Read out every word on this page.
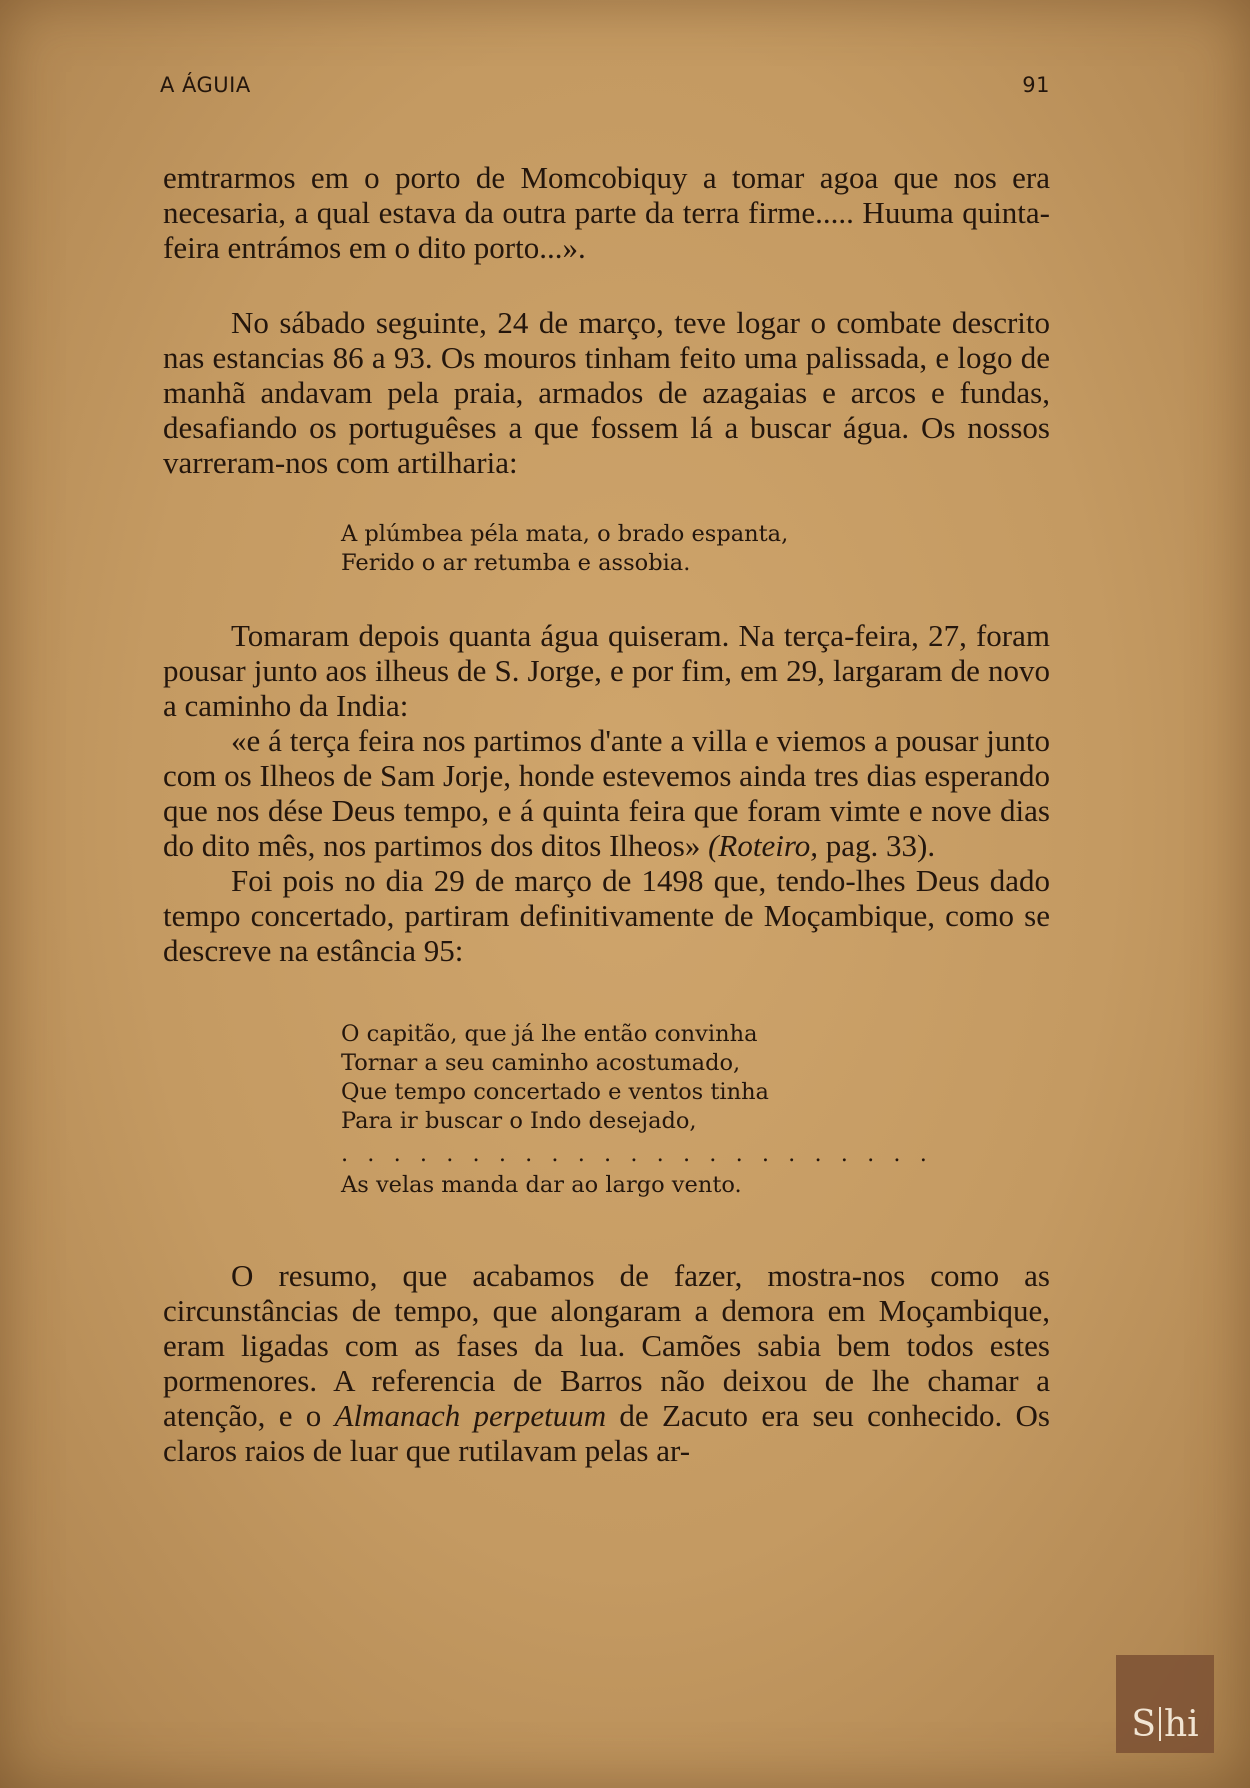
A ÁGUIA	91

emtrarmos em o porto de Momcobiquy a tomar agoa que nos era necesaria, a qual estava da outra parte da terra firme..... Huuma quinta-feira entrámos em o dito porto...».

No sábado seguinte, 24 de março, teve logar o combate descrito nas estancias 86 a 93. Os mouros tinham feito uma palissada, e logo de manhã andavam pela praia, armados de azagaias e arcos e fundas, desafiando os portuguêses a que fossem lá a buscar água. Os nossos varreram-nos com artilharia:

A plúmbea péla mata, o brado espanta,
Ferido o ar retumba e assobia.

Tomaram depois quanta água quiseram. Na terça-feira, 27, foram pousar junto aos ilheus de S. Jorge, e por fim, em 29, largaram de novo a caminho da India:

«e á terça feira nos partimos d'ante a villa e viemos a pousar junto com os Ilheos de Sam Jorje, honde estevemos ainda tres dias esperando que nos dése Deus tempo, e á quinta feira que foram vimte e nove dias do dito mês, nos partimos dos ditos Ilheos» (Roteiro, pag. 33).

Foi pois no dia 29 de março de 1498 que, tendo-lhes Deus dado tempo concertado, partiram definitivamente de Moçambique, como se descreve na estância 95:

O capitão, que já lhe então convinha
Tornar a seu caminho acostumado,
Que tempo concertado e ventos tinha
Para ir buscar o Indo desejado,
. . . . . . . . . . . . . . . . . . . . . . .
As velas manda dar ao largo vento.

O resumo, que acabamos de fazer, mostra-nos como as circunstâncias de tempo, que alongaram a demora em Moçambique, eram ligadas com as fases da lua. Camões sabia bem todos estes pormenores. A referencia de Barros não deixou de lhe chamar a atenção, e o Almanach perpetuum de Zacuto era seu conhecido. Os claros raios de luar que rutilavam pelas ar-

S hi
